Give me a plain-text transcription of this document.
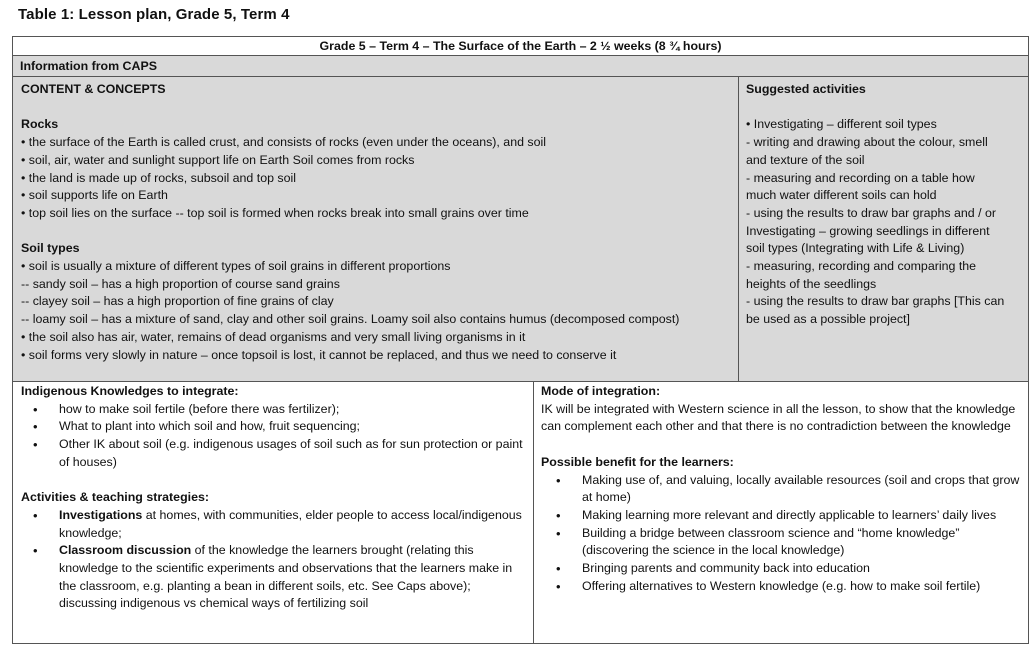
Table 1: Lesson plan, Grade 5, Term 4
Grade 5 – Term 4 – The Surface of the Earth – 2 ½ weeks (8 ¾ hours)
Information from CAPS
CONTENT & CONCEPTS
Rocks
• the surface of the Earth is called crust, and consists of rocks (even under the oceans), and soil
• soil, air, water and sunlight support life on Earth Soil comes from rocks
• the land is made up of rocks, subsoil and top soil
• soil supports life on Earth
• top soil lies on the surface -- top soil is formed when rocks break into small grains over time
Soil types
• soil is usually a mixture of different types of soil grains in different proportions
-- sandy soil – has a high proportion of course sand grains
-- clayey soil – has a high proportion of fine grains of clay
-- loamy soil – has a mixture of sand, clay and other soil grains. Loamy soil also contains humus (decomposed compost)
• the soil also has air, water, remains of dead organisms and very small living organisms in it
• soil forms very slowly in nature – once topsoil is lost, it cannot be replaced, and thus we need to conserve it
Suggested activities
• Investigating – different soil types
- writing and drawing about the colour, smell
and texture of the soil
- measuring and recording on a table how
much water different soils can hold
- using the results to draw bar graphs and / or
Investigating – growing seedlings in different
soil types (Integrating with Life & Living)
- measuring, recording and comparing the
heights of the seedlings
- using the results to draw bar graphs [This can
be used as a possible project]
Indigenous Knowledges to integrate:
• how to make soil fertile (before there was fertilizer);
• What to plant into which soil and how, fruit sequencing;
• Other IK about soil (e.g. indigenous usages of soil such as for sun protection or paint of houses)
Activities & teaching strategies:
• Investigations at homes, with communities, elder people to access local/indigenous knowledge;
• Classroom discussion of the knowledge the learners brought (relating this knowledge to the scientific experiments and observations that the learners make in the classroom, e.g. planting a bean in different soils, etc. See Caps above); discussing indigenous vs chemical ways of fertilizing soil
Mode of integration:
IK will be integrated with Western science in all the lesson, to show that the knowledge can complement each other and that there is no contradiction between the knowledge
Possible benefit for the learners:
• Making use of, and valuing, locally available resources (soil and crops that grow at home)
• Making learning more relevant and directly applicable to learners’ daily lives
• Building a bridge between classroom science and “home knowledge” (discovering the science in the local knowledge)
• Bringing parents and community back into education
• Offering alternatives to Western knowledge (e.g. how to make soil fertile)
